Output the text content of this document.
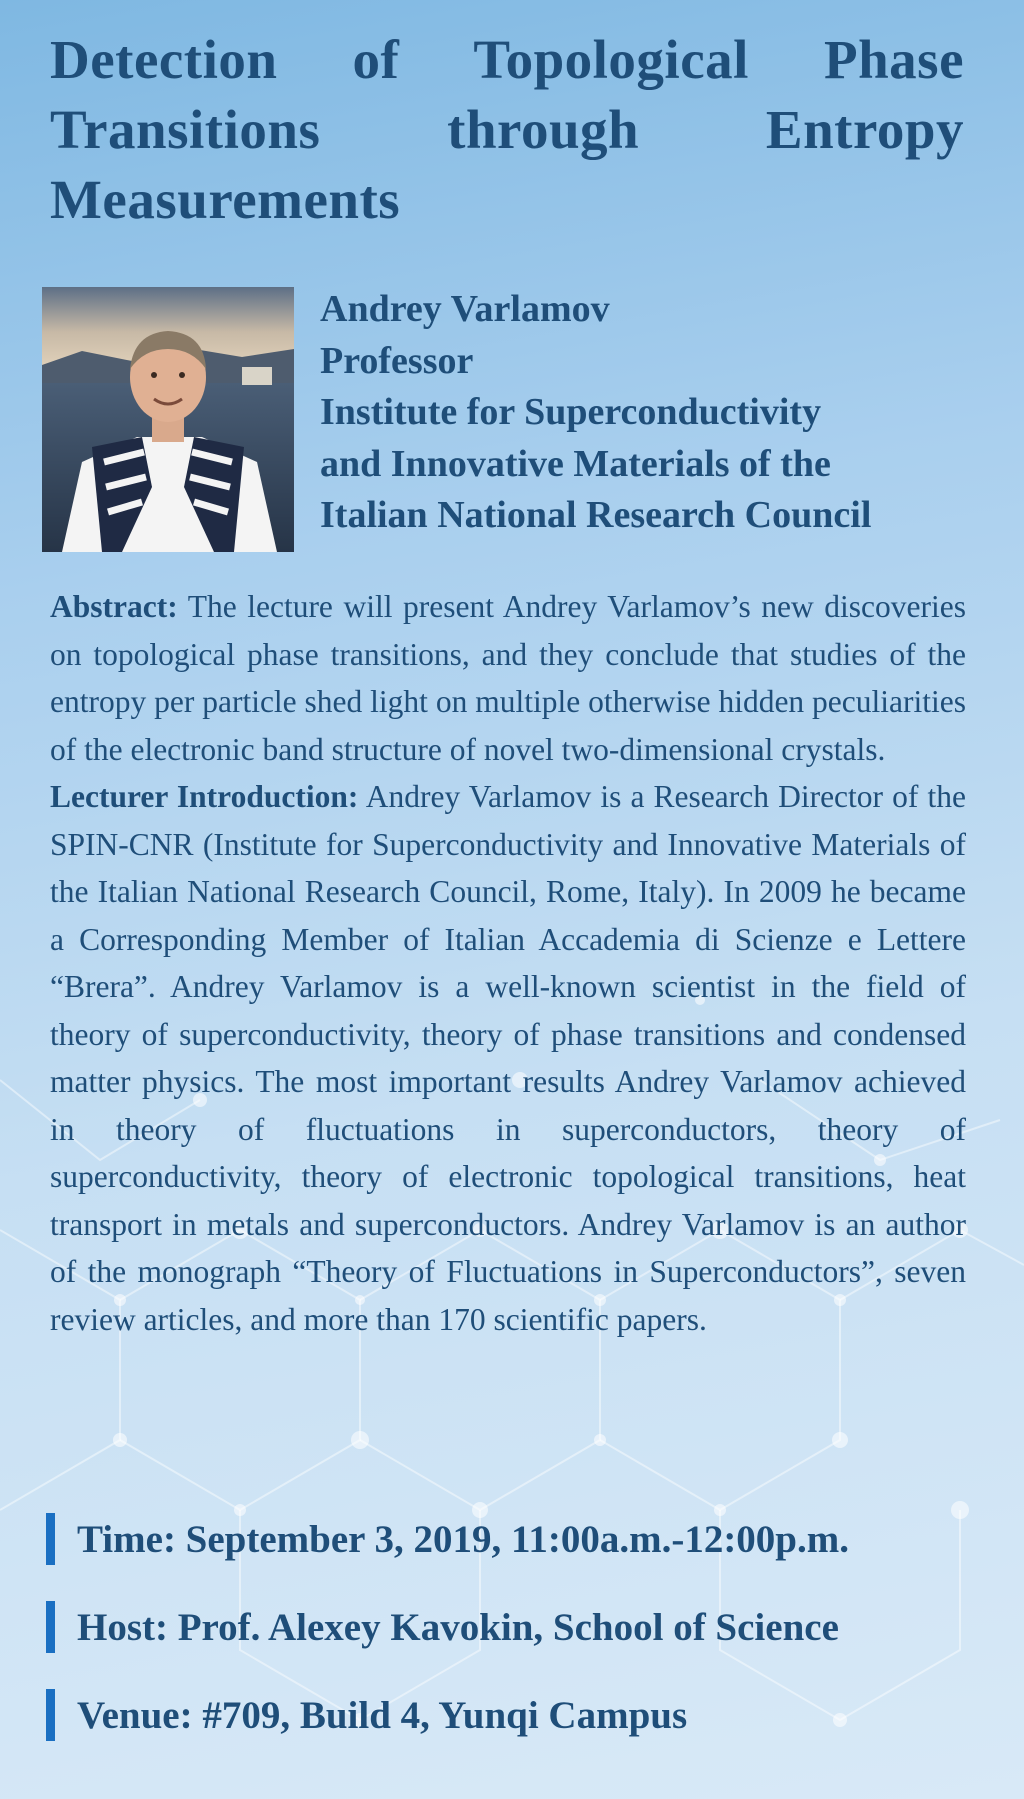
Detection of Topological Phase Transitions through Entropy Measurements
Andrey Varlamov
Professor
Institute for Superconductivity
and Innovative Materials of the
Italian National Research Council

Abstract: The lecture will present Andrey Varlamov’s new discoveries on topological phase transitions, and they conclude that studies of the entropy per particle shed light on multiple otherwise hidden peculiarities of the electronic band structure of novel two-dimensional crystals.

Lecturer Introduction: Andrey Varlamov is a Research Director of the SPIN-CNR (Institute for Superconductivity and Innovative Materials of the Italian National Research Council, Rome, Italy). In 2009 he became a Corresponding Member of Italian Accademia di Scienze e Lettere “Brera”. Andrey Varlamov is a well-known scientist in the field of theory of superconductivity, theory of phase transitions and condensed matter physics. The most important results Andrey Varlamov achieved in theory of fluctuations in superconductors, theory of superconductivity, theory of electronic topological transitions, heat transport in metals and superconductors. Andrey Varlamov is an author of the monograph “Theory of Fluctuations in Superconductors”, seven review articles, and more than 170 scientific papers.

Time: September 3, 2019, 11:00a.m.-12:00p.m.
Host: Prof. Alexey Kavokin, School of Science
Venue: #709, Build 4, Yunqi Campus
